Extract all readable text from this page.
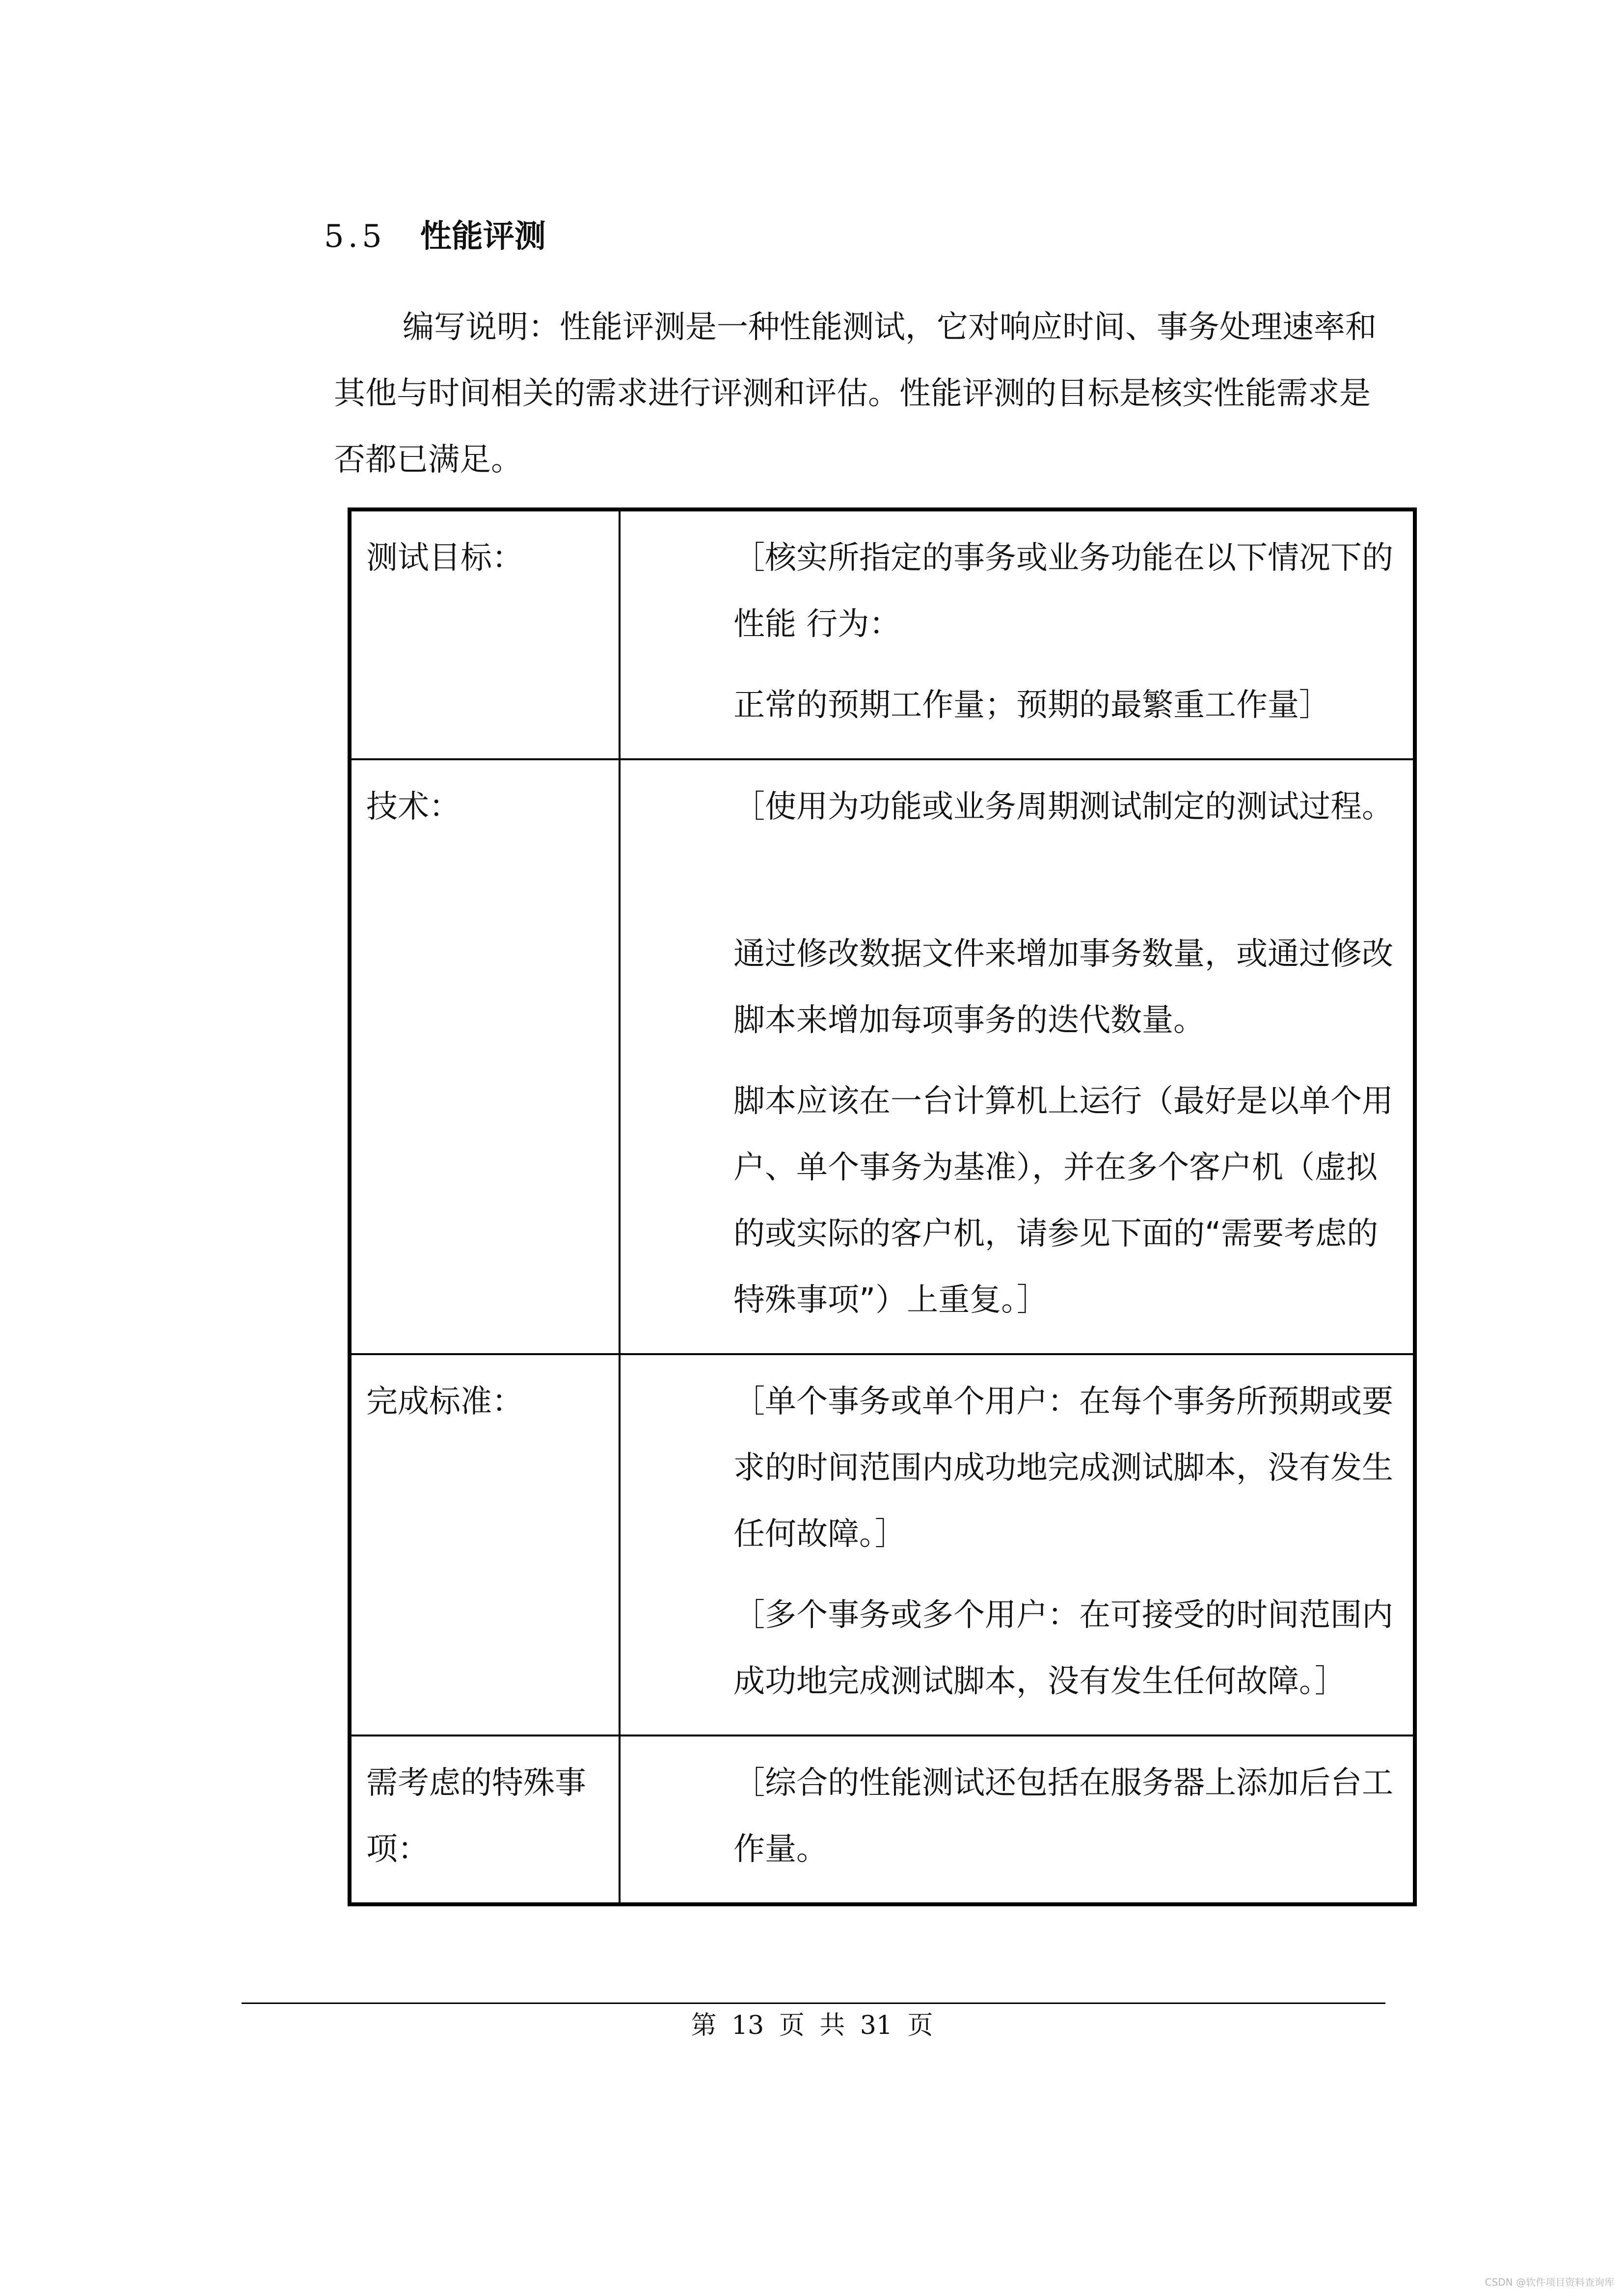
5.5 性能评测

编写说明：性能评测是一种性能测试，它对响应时间、事务处理速率和其他与时间相关的需求进行评测和评估。性能评测的目标是核实性能需求是否都已满足。

测试目标：	［核实所指定的事务或业务功能在以下情况下的性能 行为：

正常的预期工作量；预期的最繁重工作量］

技术：	［使用为功能或业务周期测试制定的测试过程。

通过修改数据文件来增加事务数量，或通过修改脚本来增加每项事务的迭代数量。

脚本应该在一台计算机上运行（最好是以单个用户、单个事务为基准），并在多个客户机（虚拟的或实际的客户机，请参见下面的“需要考虑的特殊事项”）上重复。］

完成标准：	［单个事务或单个用户：在每个事务所预期或要求的时间范围内成功地完成测试脚本，没有发生任何故障。］

［多个事务或多个用户：在可接受的时间范围内成功地完成测试脚本，没有发生任何故障。］

需考虑的特殊事项：	［综合的性能测试还包括在服务器上添加后台工作量。

第 13 页 共 31 页
CSDN @软件项目资料查询库
